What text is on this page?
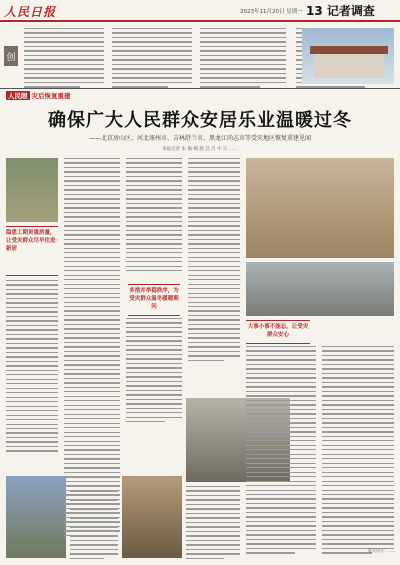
人民日报	2023年11月20日 星期一 13 记者调查
创
人民眼 灾后恢复重建
确保广大人民群众安居乐业温暖过冬
——北京房山区、河北涿州市、吉林舒兰市、黑龙江尚志市等受灾地区恢复重建见闻
本报记者 朱 佩 娴 施 芸 吕 中 正 ……
隐患工期更重质量，让受灾群众尽早住进新居
多措并举稳秩序，为受灾群众温冬暖暖期问
大事小事不能忘，让受灾群众安心
版式设计：……
